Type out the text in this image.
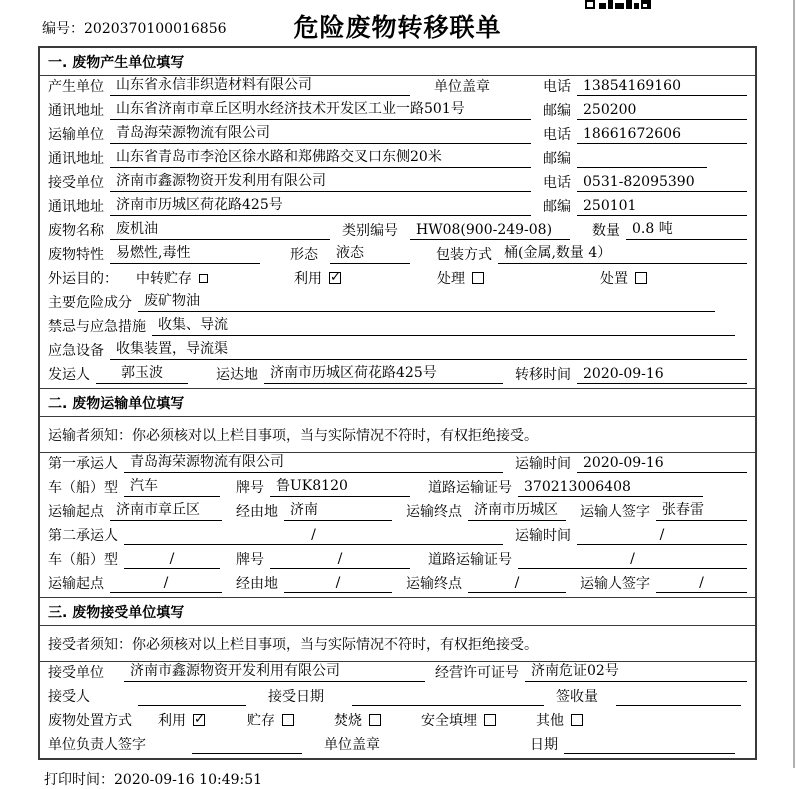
编号：2020370100016856	危险废物转移联单
一. 废物产生单位填写
产生单位 山东省永信非织造材料有限公司	单位盖章	电话 13854169160
通讯地址 山东省济南市章丘区明水经济技术开发区工业一路501号	邮编 250200
运输单位 青岛海荣源物流有限公司	电话 18661672606
通讯地址 山东省青岛市李沧区徐水路和郑佛路交叉口东侧20米	邮编
接受单位 济南市鑫源物资开发利用有限公司	电话 0531-82095390
通讯地址 济南市历城区荷花路425号	邮编 250101
废物名称 废机油	类别编号	HW08(900-249-08)	数量 0.8 吨
废物特性 易燃性,毒性	形态	液态	包装方式 桶(金属,数量 4）
外运目的： 中转贮存	利用 ✓	处理	处置
主要危险成分 废矿物油
禁忌与应急措施 收集、导流
应急设备 收集装置，导流渠
发运人	郭玉波	运达地 济南市历城区荷花路425号	转移时间 2020-09-16
二. 废物运输单位填写
运输者须知：你必须核对以上栏目事项，当与实际情况不符时，有权拒绝接受。
第一承运人 青岛海荣源物流有限公司	运输时间 2020-09-16
车（船）型 汽车	牌号 鲁UK8120	道路运输证号 370213006408
运输起点 济南市章丘区	经由地 济南	运输终点 济南市历城区	运输人签字 张春雷
第二承运人	/	运输时间	/
车（船）型	/	牌号	/	道路运输证号	/
运输起点	/	经由地	/	运输终点	/	运输人签字	/
三. 废物接受单位填写
接受者须知：你必须核对以上栏目事项，当与实际情况不符时，有权拒绝接受。
接受单位	济南市鑫源物资开发利用有限公司	经营许可证号 济南危证02号
接受人	接受日期	签收量
废物处置方式 利用 ✓	贮存	焚烧	安全填埋	其他
单位负责人签字	单位盖章	日期
打印时间：2020-09-16 10:49:51
